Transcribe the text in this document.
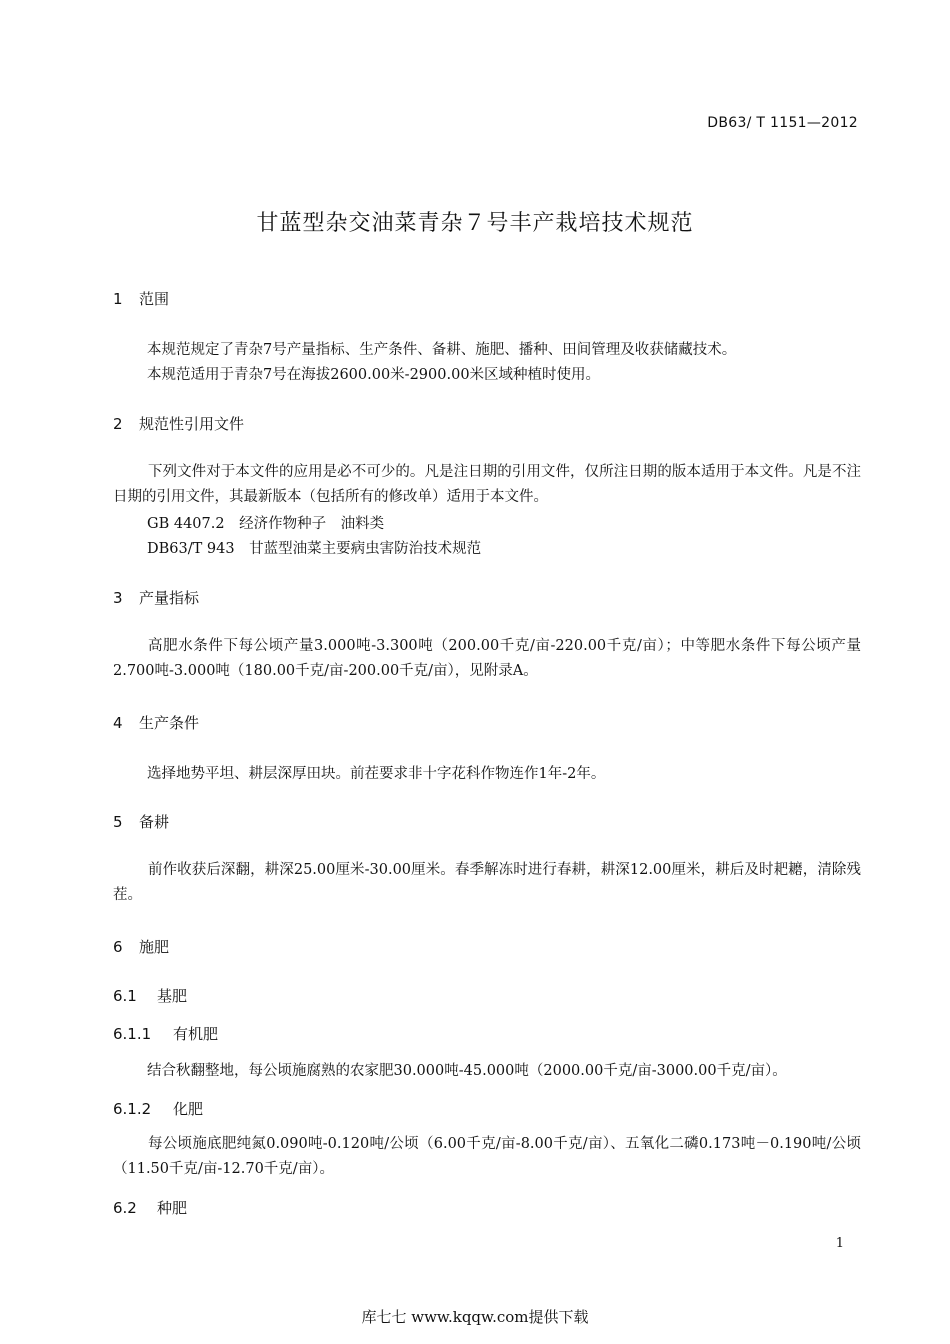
DB63/ T 1151—2012
甘蓝型杂交油菜青杂７号丰产栽培技术规范
1 范围
本规范规定了青杂7号产量指标、生产条件、备耕、施肥、播种、田间管理及收获储藏技术。
本规范适用于青杂7号在海拔2600.00米-2900.00米区域种植时使用。
2 规范性引用文件
下列文件对于本文件的应用是必不可少的。凡是注日期的引用文件，仅所注日期的版本适用于本文件。凡是不注日期的引用文件，其最新版本（包括所有的修改单）适用于本文件。
GB 4407.2　经济作物种子　油料类
DB63/T 943　甘蓝型油菜主要病虫害防治技术规范
3 产量指标
高肥水条件下每公顷产量3.000吨-3.300吨（200.00千克/亩-220.00千克/亩）；中等肥水条件下每公顷产量2.700吨-3.000吨（180.00千克/亩-200.00千克/亩），见附录A。
4 生产条件
选择地势平坦、耕层深厚田块。前茬要求非十字花科作物连作1年-2年。
5 备耕
前作收获后深翻，耕深25.00厘米-30.00厘米。春季解冻时进行春耕，耕深12.00厘米，耕后及时耙耱，清除残茬。
6 施肥
6.1 基肥
6.1.1 有机肥
结合秋翻整地，每公顷施腐熟的农家肥30.000吨-45.000吨（2000.00千克/亩-3000.00千克/亩）。
6.1.2 化肥
每公顷施底肥纯氮0.090吨-0.120吨/公顷（6.00千克/亩-8.00千克/亩）、五氧化二磷0.173吨－0.190吨/公顷（11.50千克/亩-12.70千克/亩）。
6.2 种肥
1
库七七 www.kqqw.com提供下载
